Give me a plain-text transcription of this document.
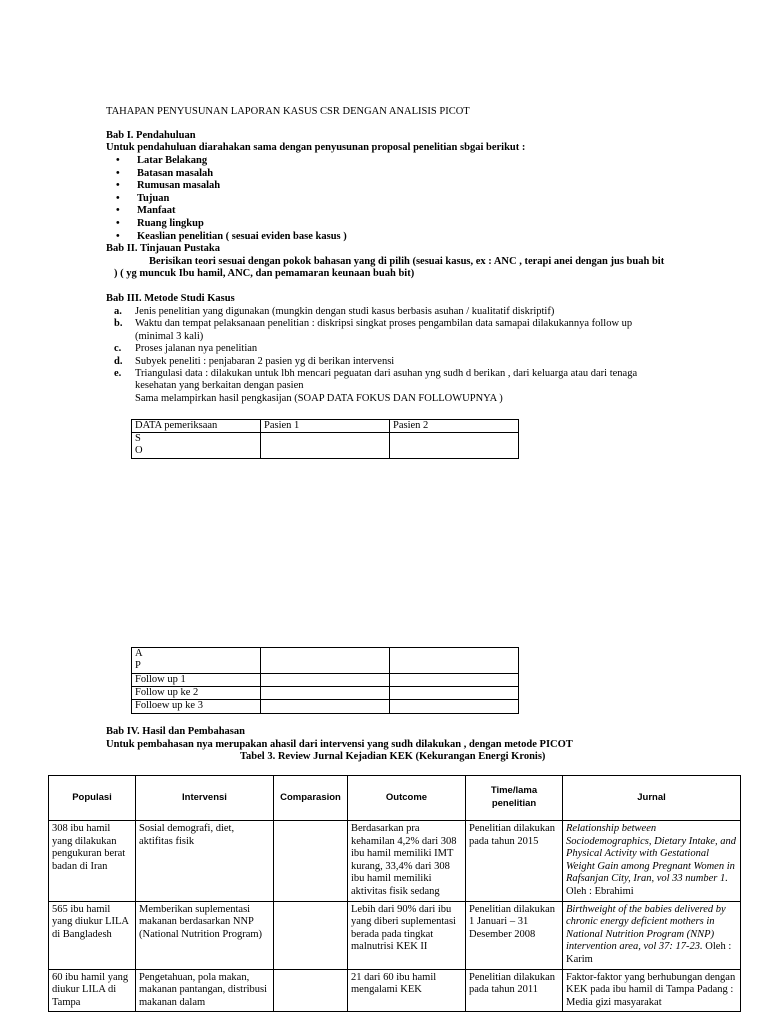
TAHAPAN PENYUSUNAN LAPORAN KASUS CSR DENGAN ANALISIS PICOT
Bab I. Pendahuluan
Untuk pendahuluan diarahakan sama dengan penyusunan proposal penelitian sbgai berikut :
• Latar Belakang
• Batasan masalah
• Rumusan masalah
• Tujuan
• Manfaat
• Ruang lingkup
• Keaslian penelitian ( sesuai eviden base kasus )
Bab II. Tinjauan Pustaka
Berisikan teori sesuai dengan pokok bahasan yang di pilih (sesuai kasus, ex : ANC , terapi anei dengan jus buah bit
) ( yg muncuk Ibu hamil, ANC, dan pemamaran keunaan buah bit)
Bab III. Metode Studi Kasus
a. Jenis penelitian yang digunakan (mungkin dengan studi kasus berbasis asuhan / kualitatif diskriptif)
b. Waktu dan tempat pelaksanaan penelitian : diskripsi singkat proses pengambilan data samapai dilakukannya follow up
(minimal 3 kali)
c. Proses jalanan nya penelitian
d. Subyek peneliti : penjabaran 2 pasien yg di berikan intervensi
e. Triangulasi data : dilakukan untuk lbh mencari peguatan dari asuhan yng sudh d berikan , dari keluarga atau dari tenaga
kesehatan yang berkaitan dengan pasien
Sama melampirkan hasil pengkasijan (SOAP DATA FOKUS DAN FOLLOWUPNYA )
DATA pemeriksaan	Pasien 1	Pasien 2

S
O		

A
P		

Follow up 1		
Follow up ke 2		
Folloew up ke 3		
Bab IV. Hasil dan Pembahasan
Untuk pembahasan nya merupakan ahasil dari intervensi yang sudh dilakukan , dengan metode PICOT
Tabel 3. Review Jurnal Kejadian KEK (Kekurangan Energi Kronis)
Populasi	Intervensi	Comparasion	Outcome	Time/lama penelitian	Jurnal
308 ibu hamil yang dilakukan pengukuran berat badan di Iran	Sosial demografi, diet, aktifitas fisik		Berdasarkan pra kehamilan 4,2% dari 308 ibu hamil memiliki IMT kurang, 33,4% dari 308 ibu hamil memiliki aktivitas fisik sedang	Penelitian dilakukan pada tahun 2015	Relationship between Sociodemographics, Dietary Intake, and Physical Activity with Gestational Weight Gain among Pregnant Women in Rafsanjan City, Iran, vol 33 number 1. Oleh : Ebrahimi
565 ibu hamil yang diukur LILA di Bangladesh	Memberikan suplementasi makanan berdasarkan NNP (National Nutrition Program)		Lebih dari 90% dari ibu yang diberi suplementasi berada pada tingkat malnutrisi KEK II	Penelitian dilakukan 1 Januari – 31 Desember 2008	Birthweight of the babies delivered by chronic energy deficient mothers in National Nutrition Program (NNP) intervention area, vol 37: 17-23. Oleh : Karim
60 ibu hamil yang diukur LILA di Tampa	Pengetahuan, pola makan, makanan pantangan, distribusi makanan dalam		21 dari 60 ibu hamil mengalami KEK	Penelitian dilakukan pada tahun 2011	Faktor-faktor yang berhubungan dengan KEK pada ibu hamil di Tampa Padang : Media gizi masyarakat
